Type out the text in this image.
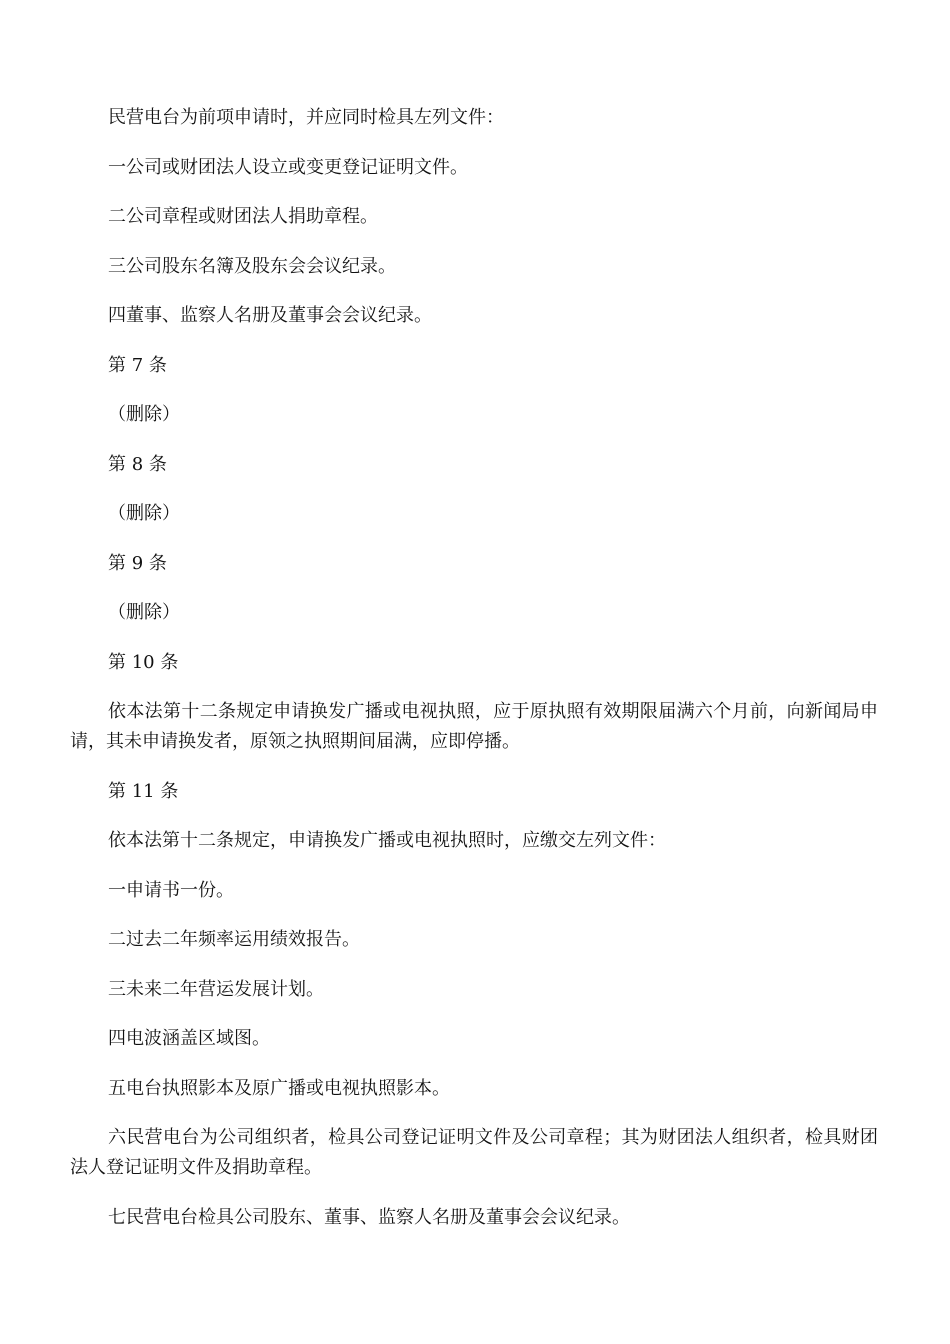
民营电台为前项申请时，并应同时检具左列文件：

一公司或财团法人设立或变更登记证明文件。

二公司章程或财团法人捐助章程。

三公司股东名簿及股东会会议纪录。

四董事、监察人名册及董事会会议纪录。

第 7 条

（删除）

第 8 条

（删除）

第 9 条

（删除）

第 10 条

依本法第十二条规定申请换发广播或电视执照，应于原执照有效期限届满六个月前，向新闻局申请，其未申请换发者，原领之执照期间届满，应即停播。

第 11 条

依本法第十二条规定，申请换发广播或电视执照时，应缴交左列文件：

一申请书一份。

二过去二年频率运用绩效报告。

三未来二年营运发展计划。

四电波涵盖区域图。

五电台执照影本及原广播或电视执照影本。

六民营电台为公司组织者，检具公司登记证明文件及公司章程；其为财团法人组织者，检具财团法人登记证明文件及捐助章程。

七民营电台检具公司股东、董事、监察人名册及董事会会议纪录。
